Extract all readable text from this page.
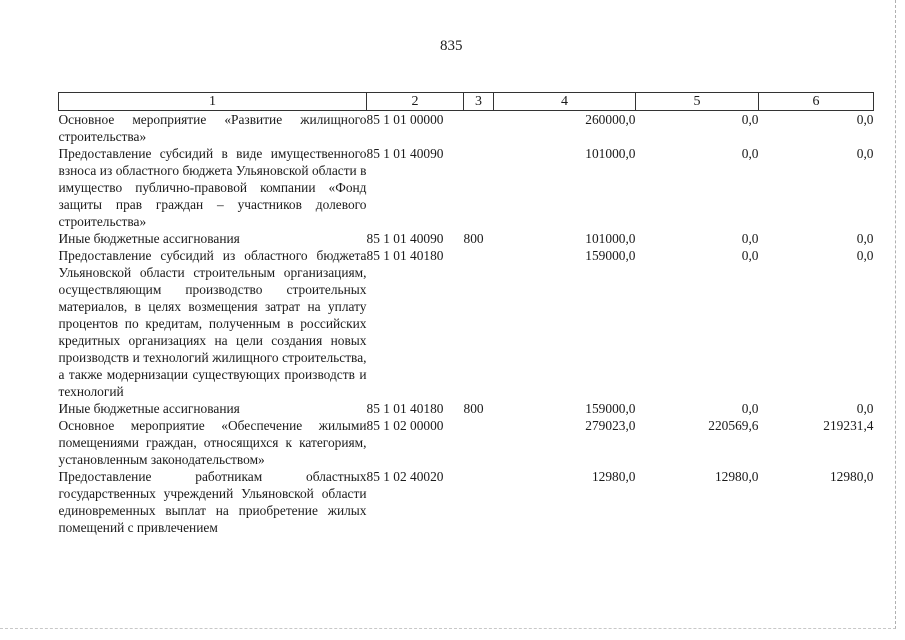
835
1	2	3	4	5	6
Основное мероприятие «Развитие жилищного строительства»	85 1 01 00000		260000,0	0,0	0,0
Предоставление субсидий в виде имущественного взноса из областного бюджета Ульяновской области в имущество публично-правовой компании «Фонд защиты прав граждан – участников долевого строительства»	85 1 01 40090		101000,0	0,0	0,0
Иные бюджетные ассигнования	85 1 01 40090	800	101000,0	0,0	0,0
Предоставление субсидий из областного бюджета Ульяновской области строительным организациям, осуществляющим производство строительных материалов, в целях возмещения затрат на уплату процентов по кредитам, полученным в российских кредитных организациях на цели создания новых производств и технологий жилищного строительства, а также модернизации существующих производств и технологий	85 1 01 40180		159000,0	0,0	0,0
Иные бюджетные ассигнования	85 1 01 40180	800	159000,0	0,0	0,0
Основное мероприятие «Обеспечение жилыми помещениями граждан, относящихся к категориям, установленным законодательством»	85 1 02 00000		279023,0	220569,6	219231,4
Предоставление работникам областных государственных учреждений Ульяновской области единовременных выплат на приобретение жилых помещений с привлечением	85 1 02 40020		12980,0	12980,0	12980,0
